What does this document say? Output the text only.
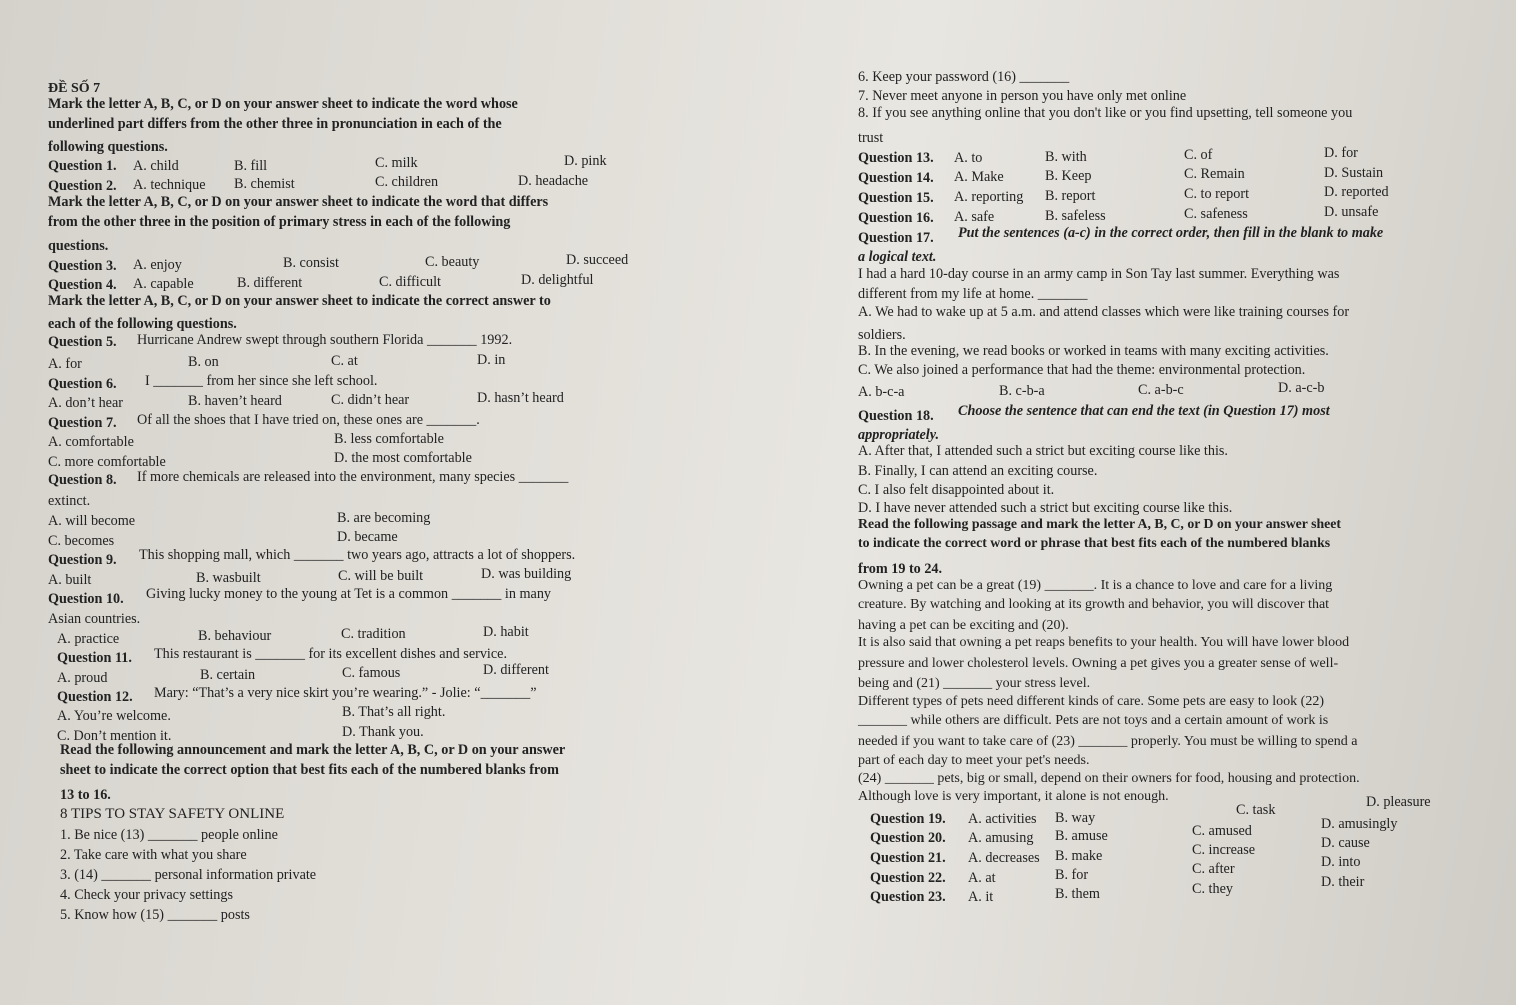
ĐỀ SỐ 7
Mark the letter A, B, C, or D on your answer sheet to indicate the word whose
underlined part differs from the other three in pronunciation in each of the
following questions.
Question 1. A. child	B. fill	C. milk	D. pink
Question 2. A. technique B. chemist	C. children	D. headache
Mark the letter A, B, C, or D on your answer sheet to indicate the word that differs
from the other three in the position of primary stress in each of the following
questions.
Question 3. A. enjoy	B. consist	C. beauty	D. succeed
Question 4. A. capable	B. different	C. difficult	D. delightful
Mark the letter A, B, C, or D on your answer sheet to indicate the correct answer to
each of the following questions.
Question 5. Hurricane Andrew swept through southern Florida _______ 1992.
A. for	B. on	C. at	D. in
Question 6. I _______ from her since she left school.
A. don’t hear	B. haven’t heard	C. didn’t hear	D. hasn’t heard
Question 7. Of all the shoes that I have tried on, these ones are _______.
A. comfortable	B. less comfortable
C. more comfortable	D. the most comfortable
Question 8. If more chemicals are released into the environment, many species _______
extinct.
A. will become	B. are becoming
C. becomes	D. became
Question 9. This shopping mall, which _______ two years ago, attracts a lot of shoppers.
A. built	B. wasbuilt	C. will be built	D. was building
Question 10. Giving lucky money to the young at Tet is a common _______ in many
Asian countries.
A. practice	B. behaviour	C. tradition	D. habit
Question 11. This restaurant is _______ for its excellent dishes and service.
A. proud	B. certain	C. famous	D. different
Question 12. Mary: “That’s a very nice skirt you’re wearing.” - Jolie: “_______”
A. You’re welcome.	B. That’s all right.
C. Don’t mention it.	D. Thank you.
Read the following announcement and mark the letter A, B, C, or D on your answer
sheet to indicate the correct option that best fits each of the numbered blanks from
13 to 16.
8 TIPS TO STAY SAFETY ONLINE
1. Be nice (13) _______ people online
2. Take care with what you share
3. (14) _______ personal information private
4. Check your privacy settings
5. Know how (15) _______ posts
6. Keep your password (16) _______
7. Never meet anyone in person you have only met online
8. If you see anything online that you don't like or you find upsetting, tell someone you
trust
Question 13. A. to	B. with	C. of	D. for
Question 14. A. Make	B. Keep	C. Remain	D. Sustain
Question 15. A. reporting B. report	C. to report	D. reported
Question 16. A. safe	B. safeless	C. safeness	D. unsafe
Question 17. Put the sentences (a-c) in the correct order, then fill in the blank to make
a logical text.
I had a hard 10-day course in an army camp in Son Tay last summer. Everything was
different from my life at home. _______
A. We had to wake up at 5 a.m. and attend classes which were like training courses for
soldiers.
B. In the evening, we read books or worked in teams with many exciting activities.
C. We also joined a performance that had the theme: environmental protection.
A. b-c-a	B. c-b-a	C. a-b-c	D. a-c-b
Question 18. Choose the sentence that can end the text (in Question 17) most
appropriately.
A. After that, I attended such a strict but exciting course like this.
B. Finally, I can attend an exciting course.
C. I also felt disappointed about it.
D. I have never attended such a strict but exciting course like this.
Read the following passage and mark the letter A, B, C, or D on your answer sheet
to indicate the correct word or phrase that best fits each of the numbered blanks
from 19 to 24.
Owning a pet can be a great (19) _______. It is a chance to love and care for a living
creature. By watching and looking at its growth and behavior, you will discover that
having a pet can be exciting and (20).
It is also said that owning a pet reaps benefits to your health. You will have lower blood
pressure and lower cholesterol levels. Owning a pet gives you a greater sense of well-
being and (21) _______ your stress level.
Different types of pets need different kinds of care. Some pets are easy to look (22)
_______ while others are difficult. Pets are not toys and a certain amount of work is
needed if you want to take care of (23) _______ properly. You must be willing to spend a
part of each day to meet your pet's needs.
(24) _______ pets, big or small, depend on their owners for food, housing and protection.
Although love is very important, it alone is not enough.
Question 19. A. activities B. way	C. task	D. pleasure
Question 20. A. amusing B. amuse	C. amused	D. amusingly
Question 21. A. decreases B. make	C. increase	D. cause
Question 22. A. at	B. for	C. after	D. into
Question 23. A. it	B. them	C. they	D. their
